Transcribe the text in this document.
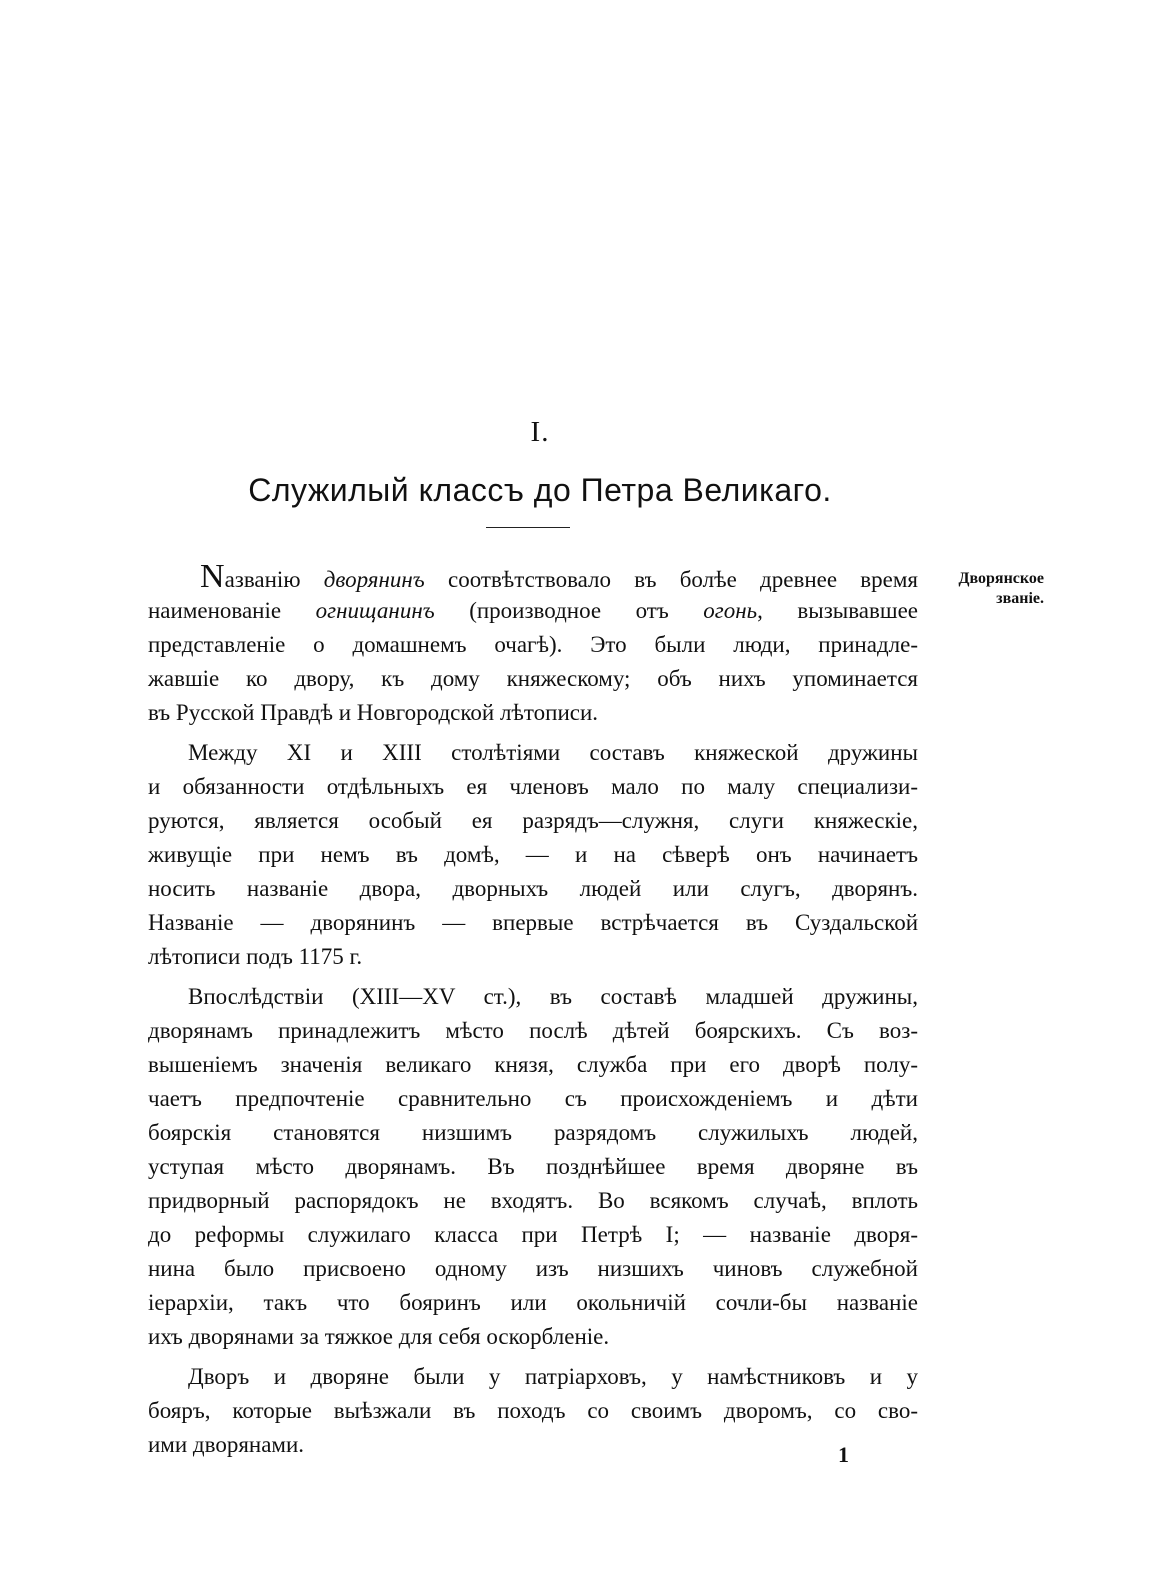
I.
Служилый классъ до Петра Великаго.
Дворянское
званіе.
Nазванію дворянинъ соотвѣтствовало въ болѣе древнее время
наименованіе огнищанинъ (производное отъ огонь, вызывавшее
представленіе о домашнемъ очагѣ). Это были люди, принадле-
жавшіе ко двору, къ дому княжескому; объ нихъ упоминается
въ Русской Правдѣ и Новгородской лѣтописи.
Между XI и XIII столѣтіями составъ княжеской дружины
и обязанности отдѣльныхъ ея членовъ мало по малу специализи-
руются, является особый ея разрядъ—служня, слуги княжескіе,
живущіе при немъ въ домѣ, — и на сѣверѣ онъ начинаетъ
носить названіе двора, дворныхъ людей или слугъ, дворянъ.
Названіе — дворянинъ — впервые встрѣчается въ Суздальской
лѣтописи подъ 1175 г.
Впослѣдствіи (XIII—XV ст.), въ составѣ младшей дружины,
дворянамъ принадлежитъ мѣсто послѣ дѣтей боярскихъ. Съ воз-
вышеніемъ значенія великаго князя, служба при его дворѣ полу-
чаетъ предпочтеніе сравнительно съ происхожденіемъ и дѣти
боярскія становятся низшимъ разрядомъ служилыхъ людей,
уступая мѣсто дворянамъ. Въ позднѣйшее время дворяне въ
придворный распорядокъ не входятъ. Во всякомъ случаѣ, вплоть
до реформы служилаго класса при Петрѣ I; — названіе дворя-
нина было присвоено одному изъ низшихъ чиновъ служебной
іерархіи, такъ что бояринъ или окольничій сочли-бы названіе
ихъ дворянами за тяжкое для себя оскорбленіе.
Дворъ и дворяне были у патріарховъ, у намѣстниковъ и у
бояръ, которые выѣзжали въ походъ со своимъ дворомъ, со сво-
ими дворянами.	1
